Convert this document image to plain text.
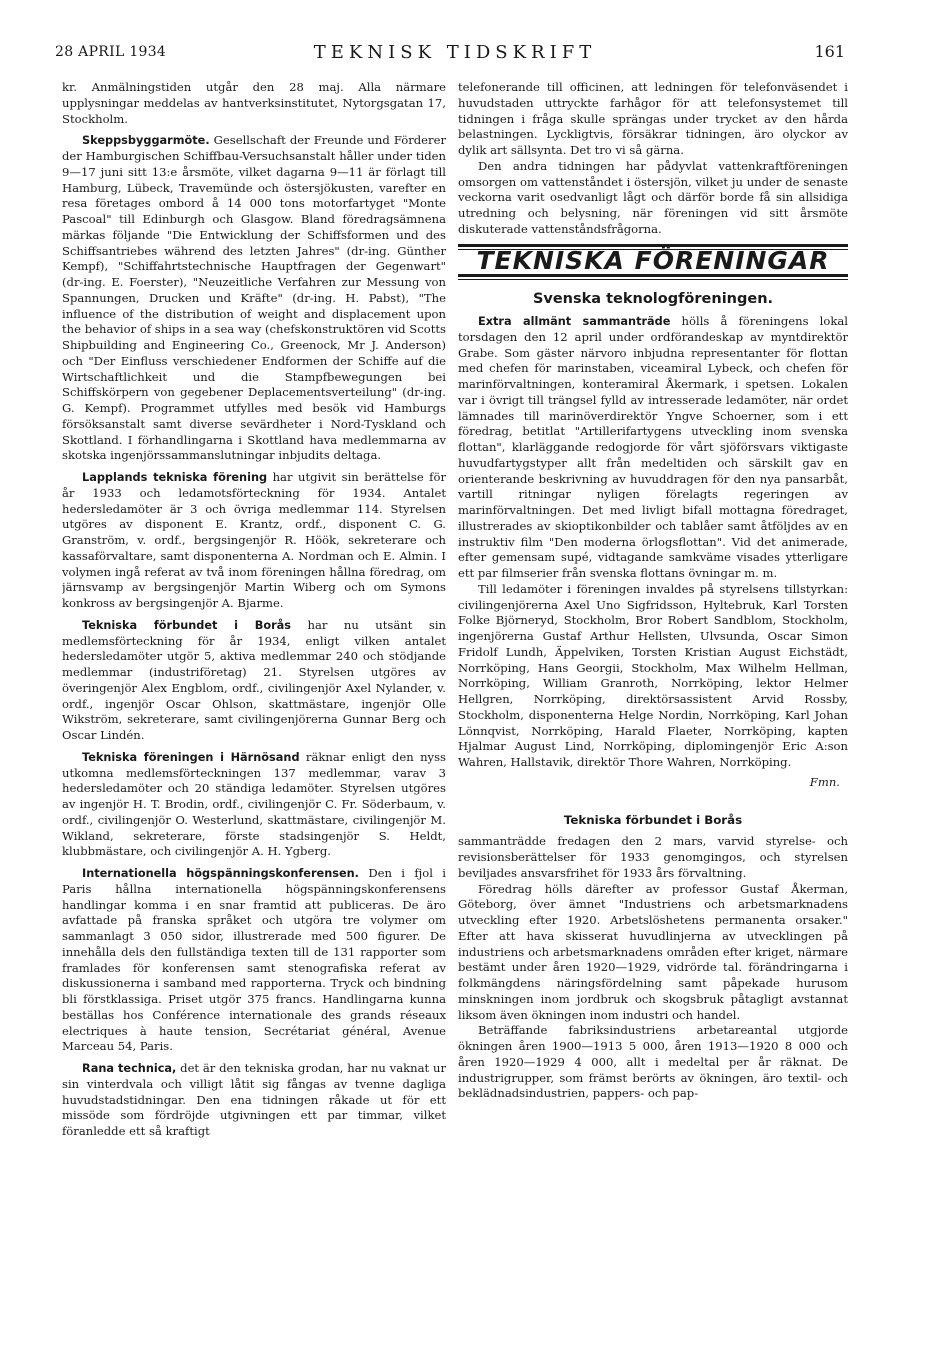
28 APRIL 1934	TEKNISK TIDSKRIFT	161

kr. Anmälningstiden utgår den 28 maj. Alla närmare upplysningar meddelas av hantverksinstitutet, Nytorgsgatan 17, Stockholm.

Skeppsbyggarmöte. Gesellschaft der Freunde und Förderer der Hamburgischen Schiffbau-Versuchsanstalt håller under tiden 9—17 juni sitt 13:e årsmöte, vilket dagarna 9—11 är förlagt till Hamburg, Lübeck, Travemünde och östersjökusten, varefter en resa företages ombord å 14 000 tons motorfartyget "Monte Pascoal" till Edinburgh och Glasgow. Bland föredragsämnena märkas följande "Die Entwicklung der Schiffsformen und des Schiffsantriebes während des letzten Jahres" (dr-ing. Günther Kempf), "Schiffahrtstechnische Hauptfragen der Gegenwart" (dr-ing. E. Foerster), "Neuzeitliche Verfahren zur Messung von Spannungen, Drucken und Kräfte" (dr-ing. H. Pabst), "The influence of the distribution of weight and displacement upon the behavior of ships in a sea way (chefskonstruktören vid Scotts Shipbuilding and Engineering Co., Greenock, Mr J. Anderson) och "Der Einfluss verschiedener Endformen der Schiffe auf die Wirtschaftlichkeit und die Stampfbewegungen bei Schiffskörpern von gegebener Deplacementsverteilung" (dr-ing. G. Kempf). Programmet utfylles med besök vid Hamburgs försöksanstalt samt diverse sevärdheter i Nord-Tyskland och Skottland. I förhandlingarna i Skottland hava medlemmarna av skotska ingenjörssammanslutningar inbjudits deltaga.

Lapplands tekniska förening har utgivit sin berättelse för år 1933 och ledamotsförteckning för 1934. Antalet hedersledamöter är 3 och övriga medlemmar 114. Styrelsen utgöres av disponent E. Krantz, ordf., disponent C. G. Granström, v. ordf., bergsingenjör R. Höök, sekreterare och kassaförvaltare, samt disponenterna A. Nordman och E. Almin. I volymen ingå referat av två inom föreningen hållna föredrag, om järnsvamp av bergsingenjör Martin Wiberg och om Symons konkross av bergsingenjör A. Bjarme.

Tekniska förbundet i Borås har nu utsänt sin medlemsförteckning för år 1934, enligt vilken antalet hedersledamöter utgör 5, aktiva medlemmar 240 och stödjande medlemmar (industriföretag) 21. Styrelsen utgöres av överingenjör Alex Engblom, ordf., civilingenjör Axel Nylander, v. ordf., ingenjör Oscar Ohlson, skattmästare, ingenjör Olle Wikström, sekreterare, samt civilingenjörerna Gunnar Berg och Oscar Lindén.

Tekniska föreningen i Härnösand räknar enligt den nyss utkomna medlemsförteckningen 137 medlemmar, varav 3 hedersledamöter och 20 ständiga ledamöter. Styrelsen utgöres av ingenjör H. T. Brodin, ordf., civilingenjör C. Fr. Söderbaum, v. ordf., civilingenjör O. Westerlund, skattmästare, civilingenjör M. Wikland, sekreterare, förste stadsingenjör S. Heldt, klubbmästare, och civilingenjör A. H. Ygberg.

Internationella högspänningskonferensen. Den i fjol i Paris hållna internationella högspänningskonferensens handlingar komma i en snar framtid att publiceras. De äro avfattade på franska språket och utgöra tre volymer om sammanlagt 3 050 sidor, illustrerade med 500 figurer. De innehålla dels den fullständiga texten till de 131 rapporter som framlades för konferensen samt stenografiska referat av diskussionerna i samband med rapporterna. Tryck och bindning bli förstklassiga. Priset utgör 375 francs. Handlingarna kunna beställas hos Conférence internationale des grands réseaux electriques à haute tension, Secrétariat général, Avenue Marceau 54, Paris.

Rana technica, det är den tekniska grodan, har nu vaknat ur sin vinterdvala och villigt låtit sig fångas av tvenne dagliga huvudstadstidningar. Den ena tidningen råkade ut för ett missöde som fördröjde utgivningen ett par timmar, vilket föranledde ett så kraftigt

telefonerande till officinen, att ledningen för telefonväsendet i huvudstaden uttryckte farhågor för att telefonsystemet till tidningen i fråga skulle sprängas under trycket av den hårda belastningen. Lyckligtvis, försäkrar tidningen, äro olyckor av dylik art sällsynta. Det tro vi så gärna.

Den andra tidningen har pådyvlat vattenkraftföreningen omsorgen om vattenståndet i östersjön, vilket ju under de senaste veckorna varit osedvanligt lågt och därför borde få sin allsidiga utredning och belysning, när föreningen vid sitt årsmöte diskuterade vattenståndsfrågorna.

TEKNISKA FÖRENINGAR
Svenska teknologföreningen.

Extra allmänt sammanträde hölls å föreningens lokal torsdagen den 12 april under ordförandeskap av myntdirektör Grabe. Som gäster närvoro inbjudna representanter för flottan med chefen för marinstaben, viceamiral Lybeck, och chefen för marinförvaltningen, konteramiral Åkermark, i spetsen. Lokalen var i övrigt till trängsel fylld av intresserade ledamöter, när ordet lämnades till marinöverdirektör Yngve Schoerner, som i ett föredrag, betitlat "Artillerifartygens utveckling inom svenska flottan", klarläggande redogjorde för vårt sjöförsvars viktigaste huvudfartygstyper allt från medeltiden och särskilt gav en orienterande beskrivning av huvuddragen för den nya pansarbåt, vartill ritningar nyligen förelagts regeringen av marinförvaltningen. Det med livligt bifall mottagna föredraget, illustrerades av skioptikonbilder och tablåer samt åtföljdes av en instruktiv film "Den moderna örlogsflottan". Vid det animerade, efter gemensam supé, vidtagande samkväme visades ytterligare ett par filmserier från svenska flottans övningar m. m.

Till ledamöter i föreningen invaldes på styrelsens tillstyrkan: civilingenjörerna Axel Uno Sigfridsson, Hyltebruk, Karl Torsten Folke Björneryd, Stockholm, Bror Robert Sandblom, Stockholm, ingenjörerna Gustaf Arthur Hellsten, Ulvsunda, Oscar Simon Fridolf Lundh, Äppelviken, Torsten Kristian August Eichstädt, Norrköping, Hans Georgii, Stockholm, Max Wilhelm Hellman, Norrköping, William Granroth, Norrköping, lektor Helmer Hellgren, Norrköping, direktörsassistent Arvid Rossby, Stockholm, disponenterna Helge Nordin, Norrköping, Karl Johan Lönnqvist, Norrköping, Harald Flaeter, Norrköping, kapten Hjalmar August Lind, Norrköping, diplomingenjör Eric A:son Wahren, Hallstavik, direktör Thore Wahren, Norrköping.

Fmn.
Tekniska förbundet i Borås

sammanträdde fredagen den 2 mars, varvid styrelse- och revisionsberättelser för 1933 genomgingos, och styrelsen beviljades ansvarsfrihet för 1933 års förvaltning.

Föredrag hölls därefter av professor Gustaf Åkerman, Göteborg, över ämnet "Industriens och arbetsmarknadens utveckling efter 1920. Arbetslöshetens permanenta orsaker." Efter att hava skisserat huvudlinjerna av utvecklingen på industriens och arbetsmarknadens områden efter kriget, närmare bestämt under åren 1920—1929, vidrörde tal. förändringarna i folkmängdens näringsfördelning samt påpekade hurusom minskningen inom jordbruk och skogsbruk påtagligt avstannat liksom även ökningen inom industri och handel.

Beträffande fabriksindustriens arbetareantal utgjorde ökningen åren 1900—1913 5 000, åren 1913—1920 8 000 och åren 1920—1929 4 000, allt i medeltal per år räknat. De industrigrupper, som främst berörts av ökningen, äro textil- och beklädnadsindustrien, pappers- och pap-
